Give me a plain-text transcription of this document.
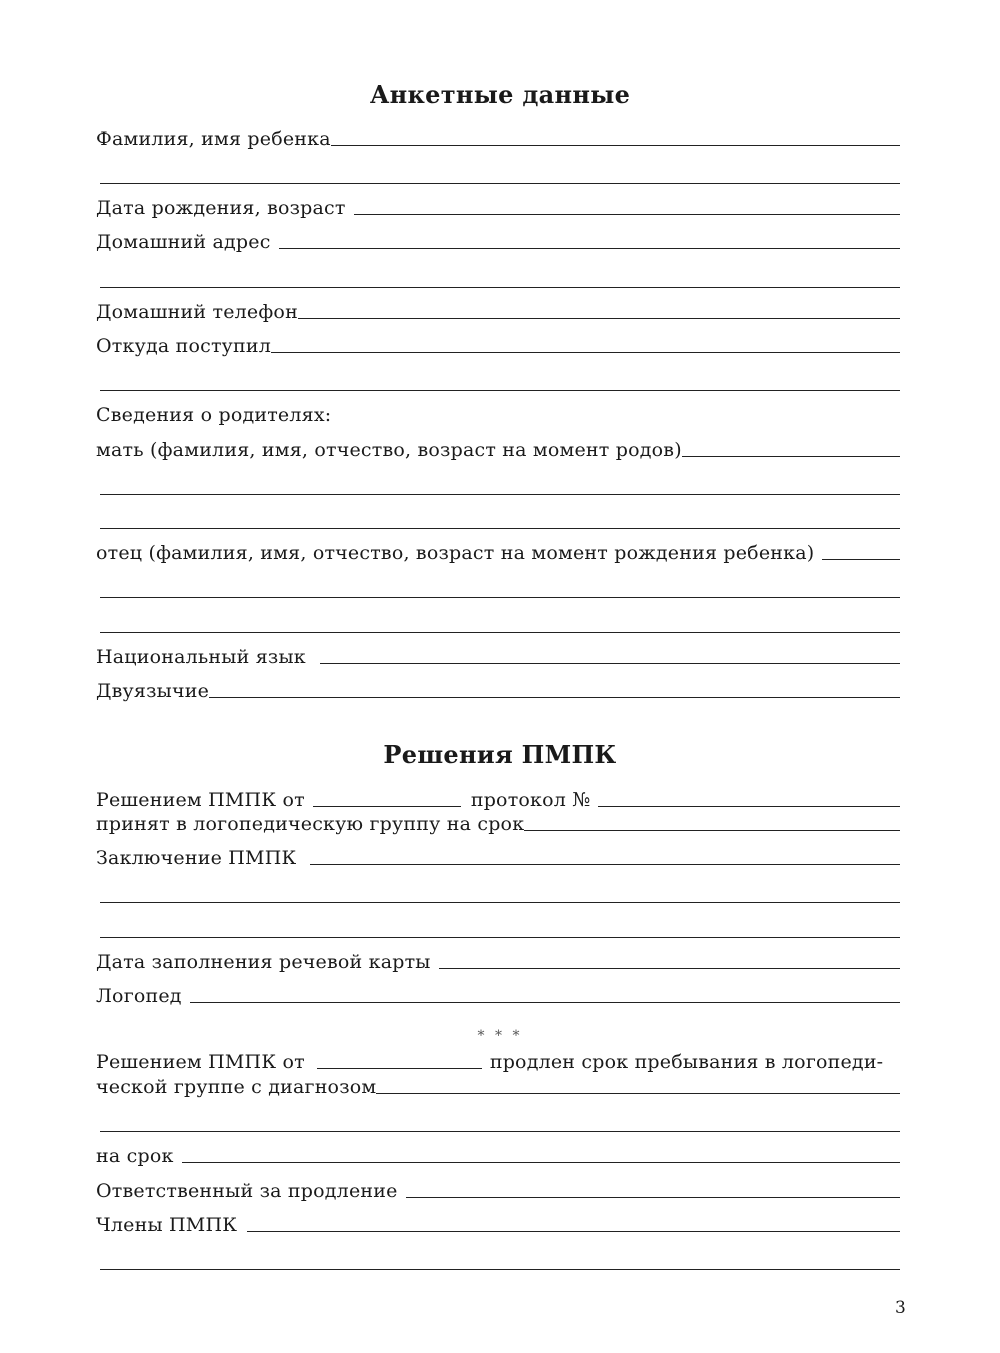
Анкетные данные
Фамилия, имя ребенка
Дата рождения, возраст
Домашний адрес
Домашний телефон
Откуда поступил
Сведения о родителях:
мать (фамилия, имя, отчество, возраст на момент родов)
отец (фамилия, имя, отчество, возраст на момент рождения ребенка)
Национальный язык
Двуязычие
Решения ПМПК
Решением ПМПК от	протокол №
принят в логопедическую группу на срок
Заключение ПМПК
Дата заполнения речевой карты
Логопед
* * *
Решением ПМПК от	продлен срок пребывания в логопеди-
ческой группе с диагнозом
на срок
Ответственный за продление
Члены ПМПК
3
